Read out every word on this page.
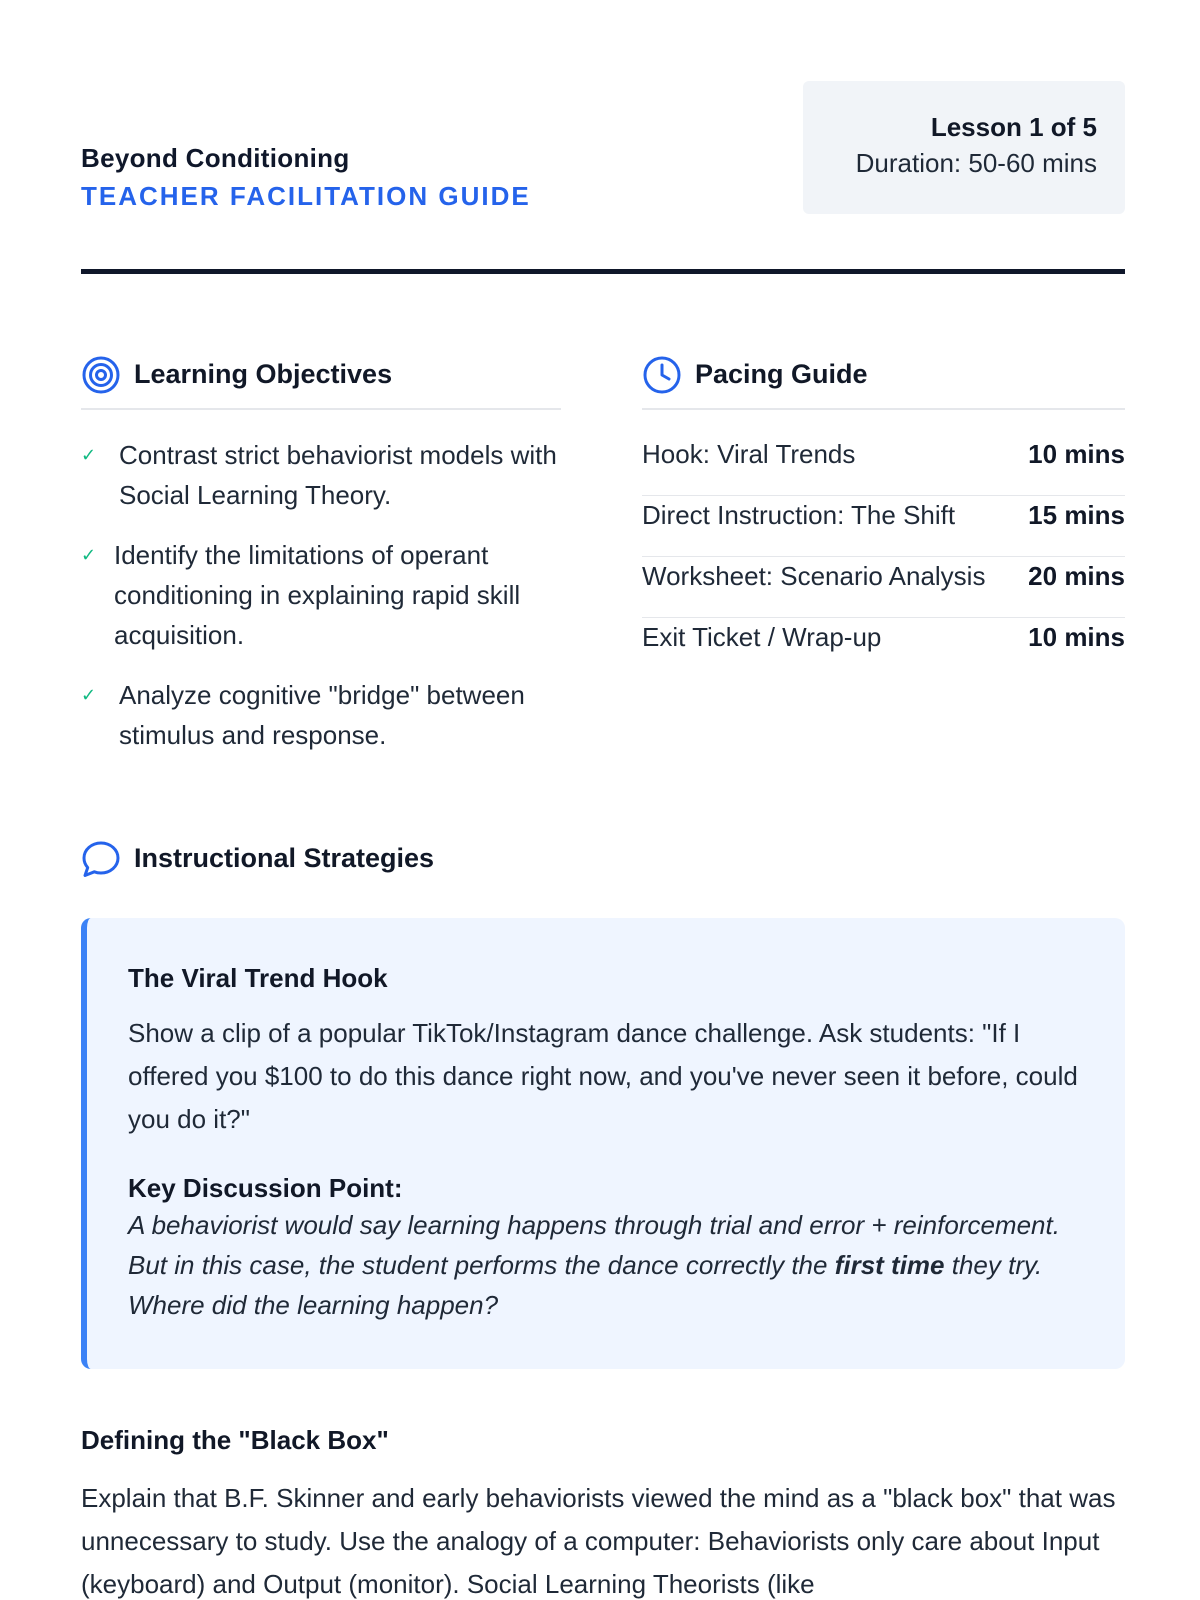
Beyond Conditioning
TEACHER FACILITATION GUIDE
Lesson 1 of 5
Duration: 50-60 mins
Learning Objectives
✓ Contrast strict behaviorist models with Social Learning Theory.
✓ Identify the limitations of operant conditioning in explaining rapid skill acquisition.
✓ Analyze cognitive "bridge" between stimulus and response.
Pacing Guide
Hook: Viral Trends	10 mins
Direct Instruction: The Shift	15 mins
Worksheet: Scenario Analysis 20 mins
Exit Ticket / Wrap-up	10 mins
Instructional Strategies
The Viral Trend Hook

Show a clip of a popular TikTok/Instagram dance challenge. Ask students: "If I offered you $100 to do this dance right now, and you've never seen it before, could you do it?"

Key Discussion Point:

A behaviorist would say learning happens through trial and error + reinforcement. But in this case, the student performs the dance correctly the first time they try. Where did the learning happen?

Defining the "Black Box"

Explain that B.F. Skinner and early behaviorists viewed the mind as a "black box" that was unnecessary to study. Use the analogy of a computer: Behaviorists only care about Input (keyboard) and Output (monitor). Social Learning Theorists (like
